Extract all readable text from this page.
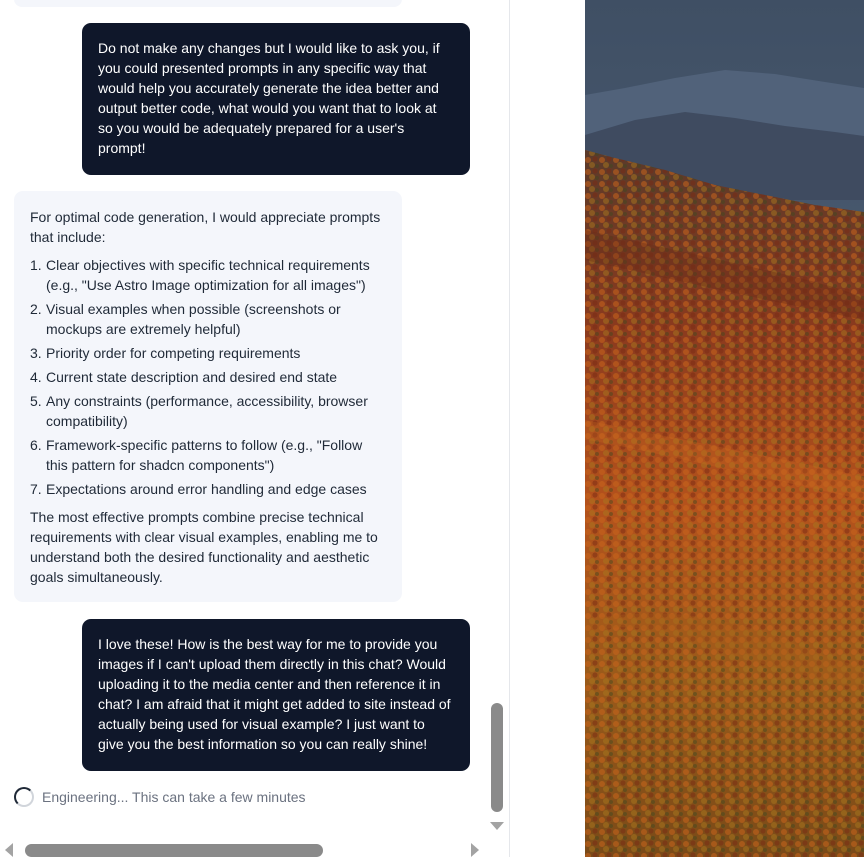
Do not make any changes but I would like to ask you, if you could presented prompts in any specific way that would help you accurately generate the idea better and output better code, what would you want that to look at so you would be adequately prepared for a user's prompt!

For optimal code generation, I would appreciate prompts that include:

1. Clear objectives with specific technical requirements (e.g., "Use Astro Image optimization for all images")
2. Visual examples when possible (screenshots or mockups are extremely helpful)
3. Priority order for competing requirements
4. Current state description and desired end state
5. Any constraints (performance, accessibility, browser compatibility)
6. Framework-specific patterns to follow (e.g., "Follow this pattern for shadcn components")
7. Expectations around error handling and edge cases

The most effective prompts combine precise technical requirements with clear visual examples, enabling me to understand both the desired functionality and aesthetic goals simultaneously.

I love these! How is the best way for me to provide you images if I can't upload them directly in this chat? Would uploading it to the media center and then reference it in chat? I am afraid that it might get added to site instead of actually being used for visual example? I just want to give you the best information so you can really shine!
Engineering... This can take a few minutes
